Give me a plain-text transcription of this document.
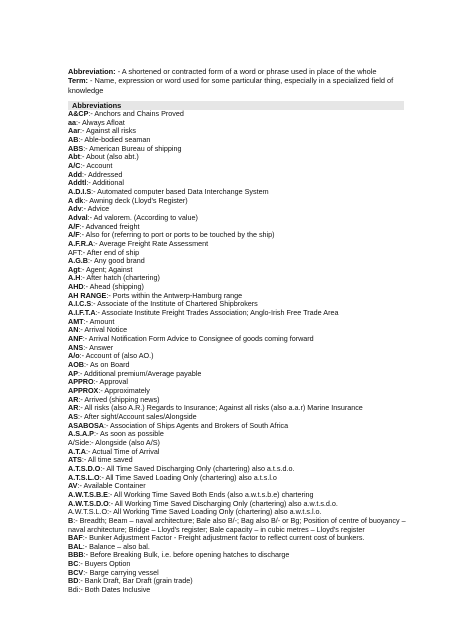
Abbreviation: - A shortened or contracted form of a word or phrase used in place of the whole
Term: - Name, expression or word used for some particular thing, especially in a specialized field of knowledge
Abbreviations
A&CP:- Anchors and Chains Proved
aa:- Always Afloat
Aar:- Against all risks
AB:- Able-bodied seaman
ABS:- American Bureau of shipping
Abt:- About (also abt.)
A/C:- Account
Add:- Addressed
Addtl:- Additional
A.D.I.S:- Automated computer based Data Interchange System
A dk:- Awning deck (Lloyd's Register)
Adv:- Advice
Adval:- Ad valorem. (According to value)
A/F:- Advanced freight
A/F:- Also for (referring to port or ports to be touched by the ship)
A.F.R.A:- Average Freight Rate Assessment
AFT:- After end of ship
A.G.B:- Any good brand
Agt:- Agent; Against
A.H:- After hatch (chartering)
AHD:- Ahead (shipping)
AH RANGE:- Ports within the Antwerp-Hamburg range
A.I.C.S:- Associate of the Institute of Chartered Shipbrokers
A.I.F.T.A:- Associate Institute Freight Trades Association; Anglo-Irish Free Trade Area
AMT:- Amount
AN:- Arrival Notice
ANF:- Arrival Notification Form Advice to Consignee of goods coming forward
ANS:- Answer
A/o:- Account of (also AO.)
AOB:- As on Board
AP:- Additional premium/Average payable
APPRO:- Approval
APPROX:- Approximately
AR:- Arrived (shipping news)
AR:- All risks (also A.R.) Regards to Insurance; Against all risks (also a.a.r) Marine Insurance
AS:- After sight/Account sales/Alongside
ASABOSA:- Association of Ships Agents and Brokers of South Africa
A.S.A.P:- As soon as possible
A/Side:- Alongside (also A/S)
A.T.A:- Actual Time of Arrival
ATS:- All time saved
A.T.S.D.O:- All Time Saved Discharging Only (chartering) also a.t.s.d.o.
A.T.S.L.O:- All Time Saved Loading Only (chartering) also a.t.s.l.o
AV:- Available Container
A.W.T.S.B.E:- All Working Time Saved Both Ends (also a.w.t.s.b.e) chartering
A.W.T.S.D.O:- All Working Time Saved Discharging Only (chartering) also a.w.t.s.d.o.
A.W.T.S.L.O:- All Working Time Saved Loading Only (chartering) also a.w.t.s.l.o.
B:- Breadth; Beam – naval architecture; Bale also B/-; Bag also B/- or Bg; Position of centre of buoyancy –
naval architecture; Bridge – Lloyd's register; Bale capacity – in cubic metres – Lloyd's register
BAF:- Bunker Adjustment Factor - Freight adjustment factor to reflect current cost of bunkers.
BAL:- Balance – also bal.
BBB:- Before Breaking Bulk, i.e. before opening hatches to discharge
BC:- Buyers Option
BCV:- Barge carrying vessel
BD:- Bank Draft, Bar Draft (grain trade)
Bdi:- Both Dates Inclusive
